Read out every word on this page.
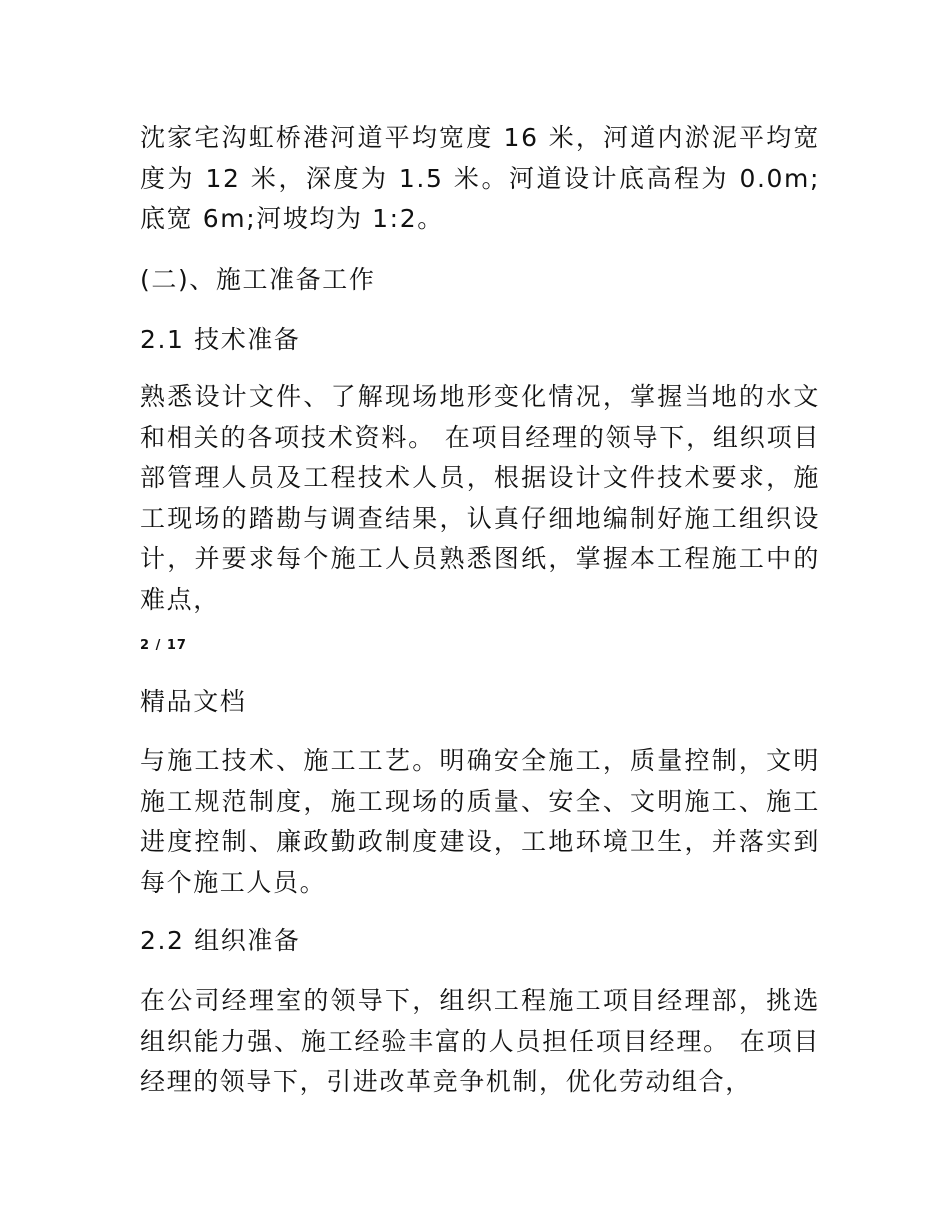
沈家宅沟虹桥港河道平均宽度 16 米，河道内淤泥平均宽度为 12 米，深度为 1.5 米。河道设计底高程为 0.0m;底宽 6m;河坡均为 1:2。

(二)、施工准备工作

2.1 技术准备

熟悉设计文件、了解现场地形变化情况，掌握当地的水文和相关的各项技术资料。 在项目经理的领导下，组织项目部管理人员及工程技术人员，根据设计文件技术要求，施工现场的踏勘与调查结果，认真仔细地编制好施工组织设计，并要求每个施工人员熟悉图纸，掌握本工程施工中的难点，

2 / 17

精品文档

与施工技术、施工工艺。明确安全施工，质量控制，文明施工规范制度，施工现场的质量、安全、文明施工、施工进度控制、廉政勤政制度建设，工地环境卫生，并落实到每个施工人员。

2.2 组织准备

在公司经理室的领导下，组织工程施工项目经理部，挑选组织能力强、施工经验丰富的人员担任项目经理。 在项目经理的领导下，引进改革竞争机制，优化劳动组合，
